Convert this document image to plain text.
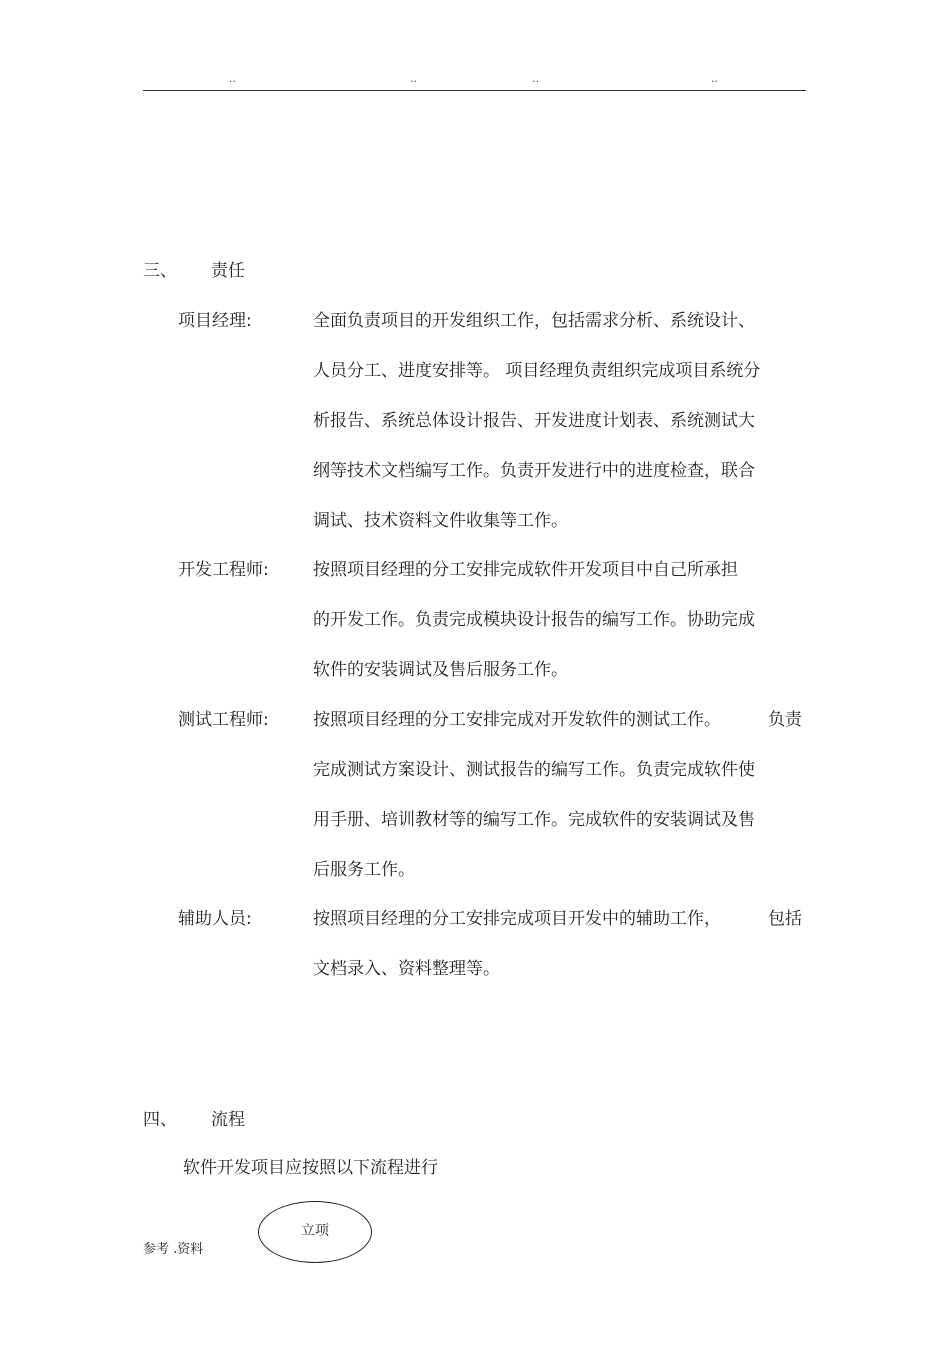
..	..	..	..
三、 责任
项目经理:	全面负责项目的开发组织工作，包括需求分析、系统设计、
人员分工、进度安排等。 项目经理负责组织完成项目系统分
析报告、系统总体设计报告、开发进度计划表、系统测试大
纲等技术文档编写工作。负责开发进行中的进度检查，联合
调试、技术资料文件收集等工作。
开发工程师:	按照项目经理的分工安排完成软件开发项目中自己所承担
的开发工作。负责完成模块设计报告的编写工作。协助完成
软件的安装调试及售后服务工作。
测试工程师:	按照项目经理的分工安排完成对开发软件的测试工作。	负责
完成测试方案设计、测试报告的编写工作。负责完成软件使
用手册、培训教材等的编写工作。完成软件的安装调试及售
后服务工作。
辅助人员:	按照项目经理的分工安排完成项目开发中的辅助工作，	包括
文档录入、资料整理等。
四、 流程
软件开发项目应按照以下流程进行
立项
参考 .资料
